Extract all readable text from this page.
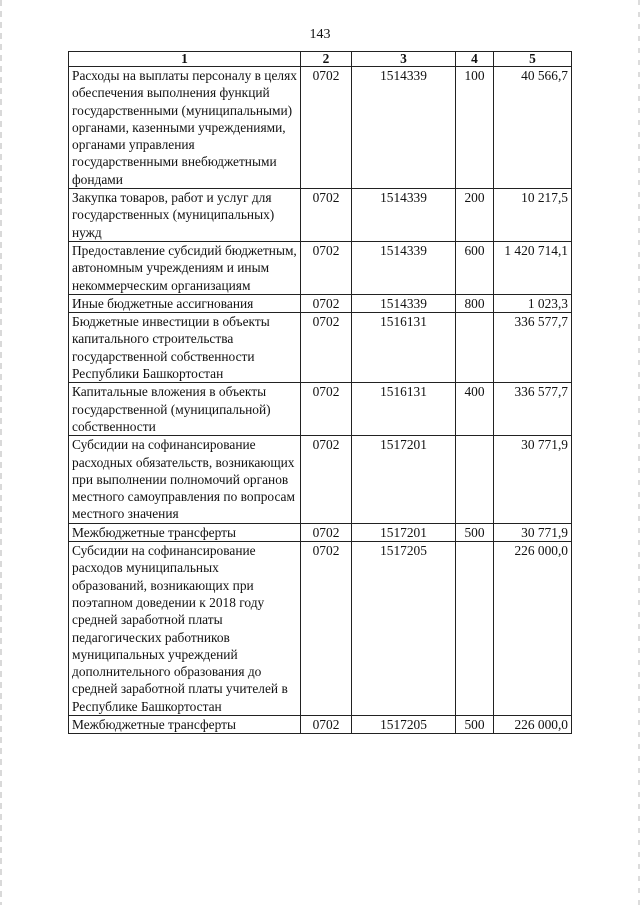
143
1	2	3	4	5
Расходы на выплаты персоналу в целях обеспечения выполнения функций государственными (муниципальными) органами, казенными учреждениями, органами управления государственными внебюджетными фондами	0702	1514339	100	40 566,7
Закупка товаров, работ и услуг для государственных (муниципальных) нужд	0702	1514339	200	10 217,5
Предоставление субсидий бюджетным, автономным учреждениям и иным некоммерческим организациям	0702	1514339	600	1 420 714,1
Иные бюджетные ассигнования	0702	1514339	800	1 023,3
Бюджетные инвестиции в объекты капитального строительства государственной собственности Республики Башкортостан	0702	1516131		336 577,7
Капитальные вложения в объекты государственной (муниципальной) собственности	0702	1516131	400	336 577,7
Субсидии на софинансирование расходных обязательств, возникающих при выполнении полномочий органов местного самоуправления по вопросам местного значения	0702	1517201		30 771,9
Межбюджетные трансферты	0702	1517201	500	30 771,9
Субсидии на софинансирование расходов муниципальных образований, возникающих при поэтапном доведении к 2018 году средней заработной платы педагогических работников муниципальных учреждений дополнительного образования до средней заработной платы учителей в Республике Башкортостан	0702	1517205		226 000,0
Межбюджетные трансферты	0702	1517205	500	226 000,0
